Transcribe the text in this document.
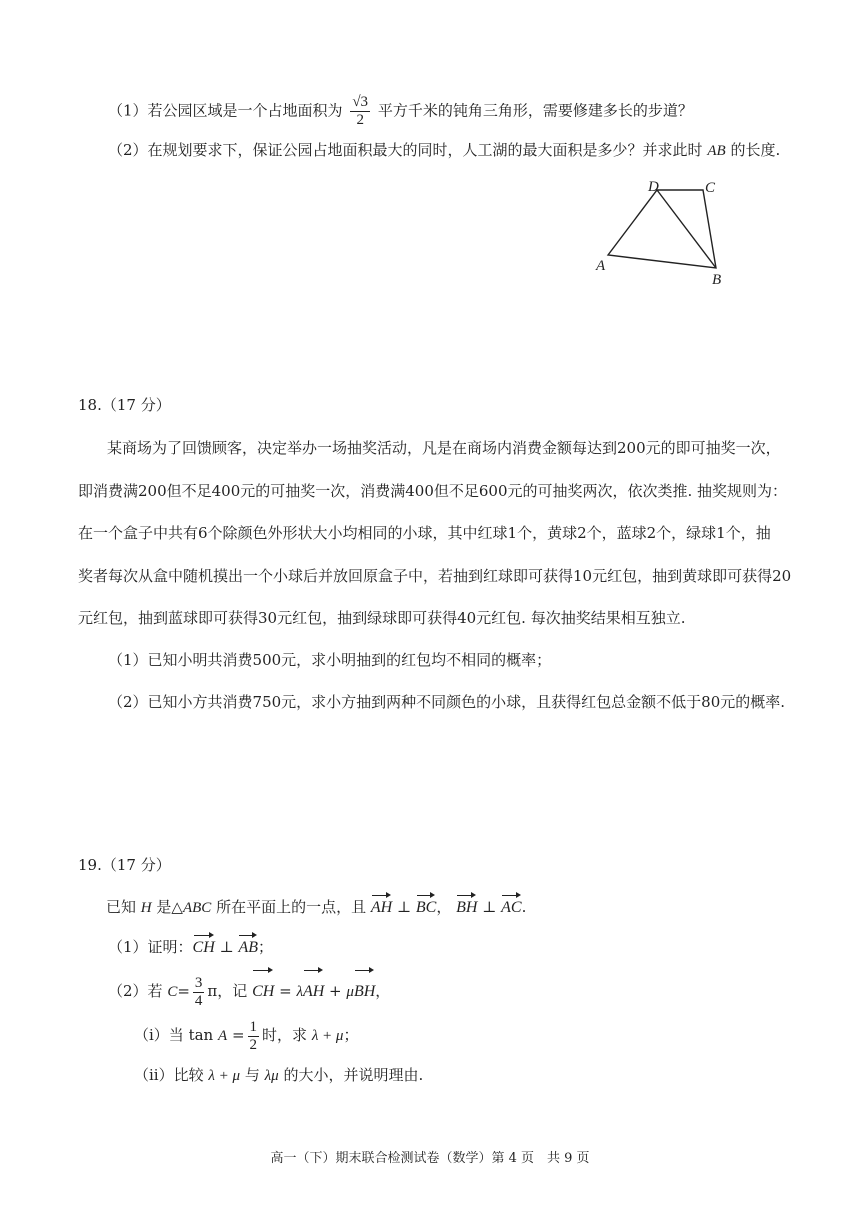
（1）若公园区域是一个占地面积为 $\frac{√3}{2}$ 平方千米的钝角三角形，需要修建多长的步道？
（2）在规划要求下，保证公园占地面积最大的同时，人工湖的最大面积是多少？并求此时 AB 的长度.
D	C
A
B
18.（17 分）
某商场为了回馈顾客，决定举办一场抽奖活动，凡是在商场内消费金额每达到200元的即可抽奖一次，
即消费满200但不足400元的可抽奖一次，消费满400但不足600元的可抽奖两次，依次类推. 抽奖规则为：
在一个盒子中共有6个除颜色外形状大小均相同的小球，其中红球1个，黄球2个，蓝球2个，绿球1个，抽
奖者每次从盒中随机摸出一个小球后并放回原盒子中，若抽到红球即可获得10元红包，抽到黄球即可获得20
元红包，抽到蓝球即可获得30元红包，抽到绿球即可获得40元红包. 每次抽奖结果相互独立.
（1）已知小明共消费500元，求小明抽到的红包均不相同的概率；
（2）已知小方共消费750元，求小方抽到两种不同颜色的小球，且获得红包总金额不低于80元的概率.
19.（17 分）
已知 H 是△ABC 所在平面上的一点，且 AH ⊥ BC， BH ⊥ AC.
（1）证明：CH ⊥ AB；
（2）若 $C= \frac{3}{4}$ π，记 CH = λAH + μBH，
（i）当 $\tan A = \frac{1}{2}$ 时，求 λ + μ；
（ii）比较 λ + μ 与 λμ 的大小，并说明理由.
高一（下）期末联合检测试卷（数学）第 4 页　共 9 页
